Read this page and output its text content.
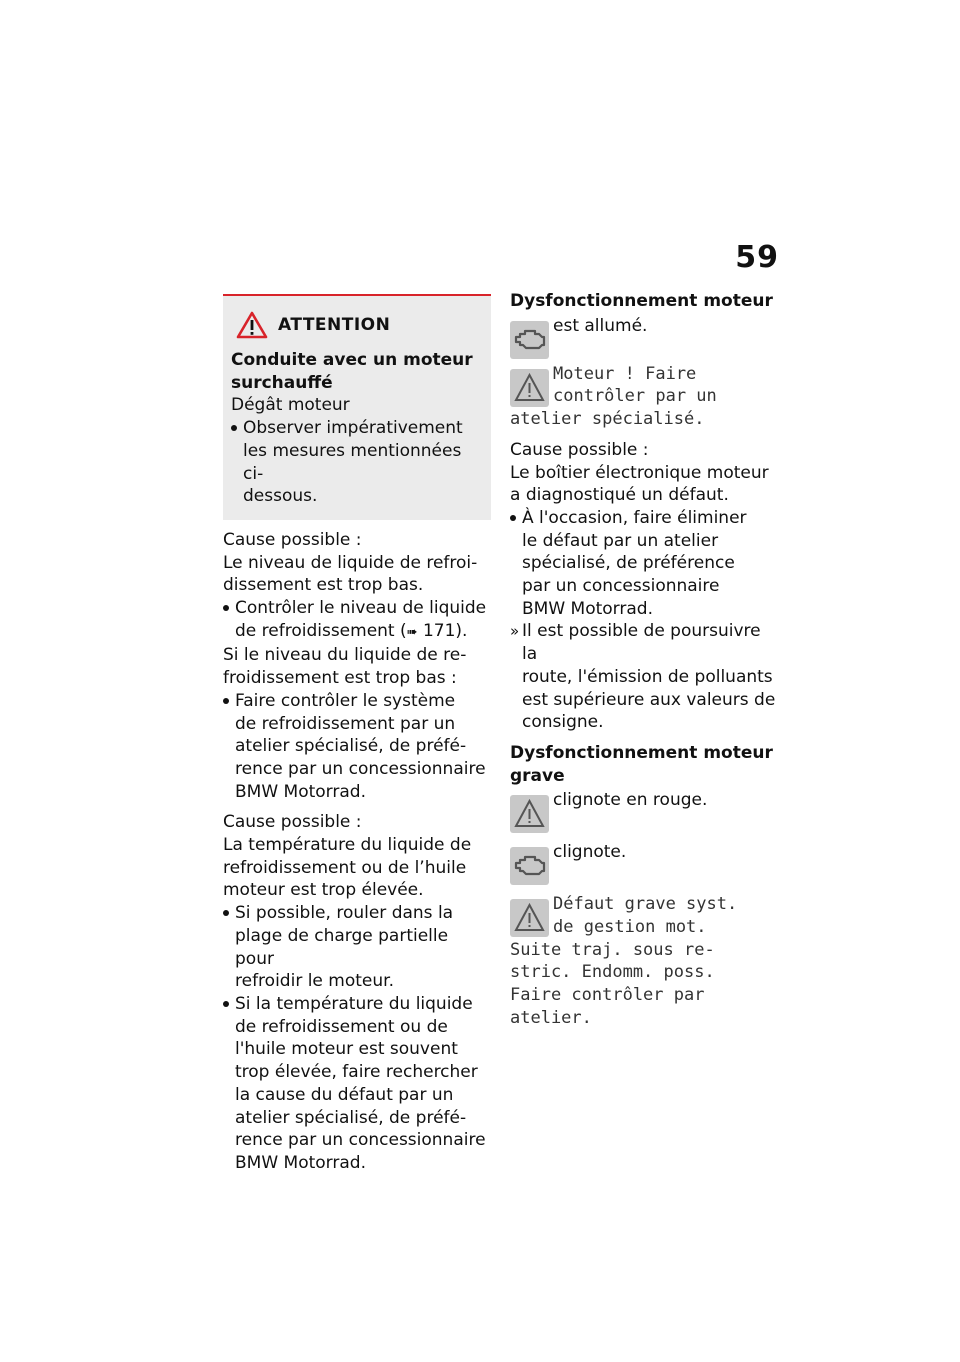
59
ATTENTION
Conduite avec un moteur
surchauffé
Dégât moteur
Observer impérativement
les mesures mentionnées ci-
dessous.
Cause possible :
Le niveau de liquide de refroi-
dissement est trop bas.
Contrôler le niveau de liquide
de refroidissement (➠ 171).
Si le niveau du liquide de re-
froidissement est trop bas :
Faire contrôler le système
de refroidissement par un
atelier spécialisé, de préfé-
rence par un concessionnaire
BMW Motorrad.
Cause possible :
La température du liquide de
refroidissement ou de l’huile
moteur est trop élevée.
Si possible, rouler dans la
plage de charge partielle pour
refroidir le moteur.
Si la température du liquide
de refroidissement ou de
l'huile moteur est souvent
trop élevée, faire rechercher
la cause du défaut par un
atelier spécialisé, de préfé-
rence par un concessionnaire
BMW Motorrad.
Dysfonctionnement moteur
est allumé.
Moteur ! Faire
contrôler par un
atelier spécialisé.
Cause possible :
Le boîtier électronique moteur
a diagnostiqué un défaut.
À l'occasion, faire éliminer
le défaut par un atelier
spécialisé, de préférence
par un concessionnaire
BMW Motorrad.
» Il est possible de poursuivre la
route, l'émission de polluants
est supérieure aux valeurs de
consigne.
Dysfonctionnement moteur
grave
clignote en rouge.
clignote.
Défaut grave syst.
de gestion mot.
Suite traj. sous re-
stric. Endomm. poss.
Faire contrôler par
atelier.
